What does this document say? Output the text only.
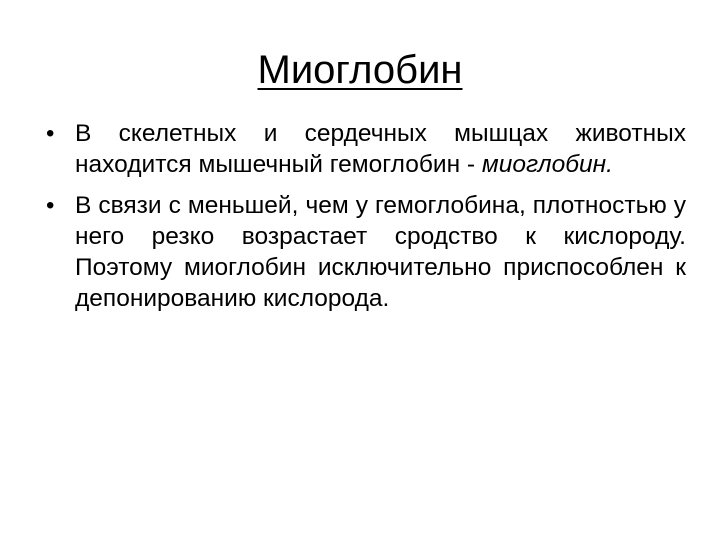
Миоглобин
• В скелетных и сердечных мышцах животных находится мышечный гемоглобин - миоглобин.
• В связи с меньшей, чем у гемоглобина, плотностью у него резко возрастает сродство к кислороду. Поэтому миоглобин исключительно приспособлен к депонированию кислорода.
